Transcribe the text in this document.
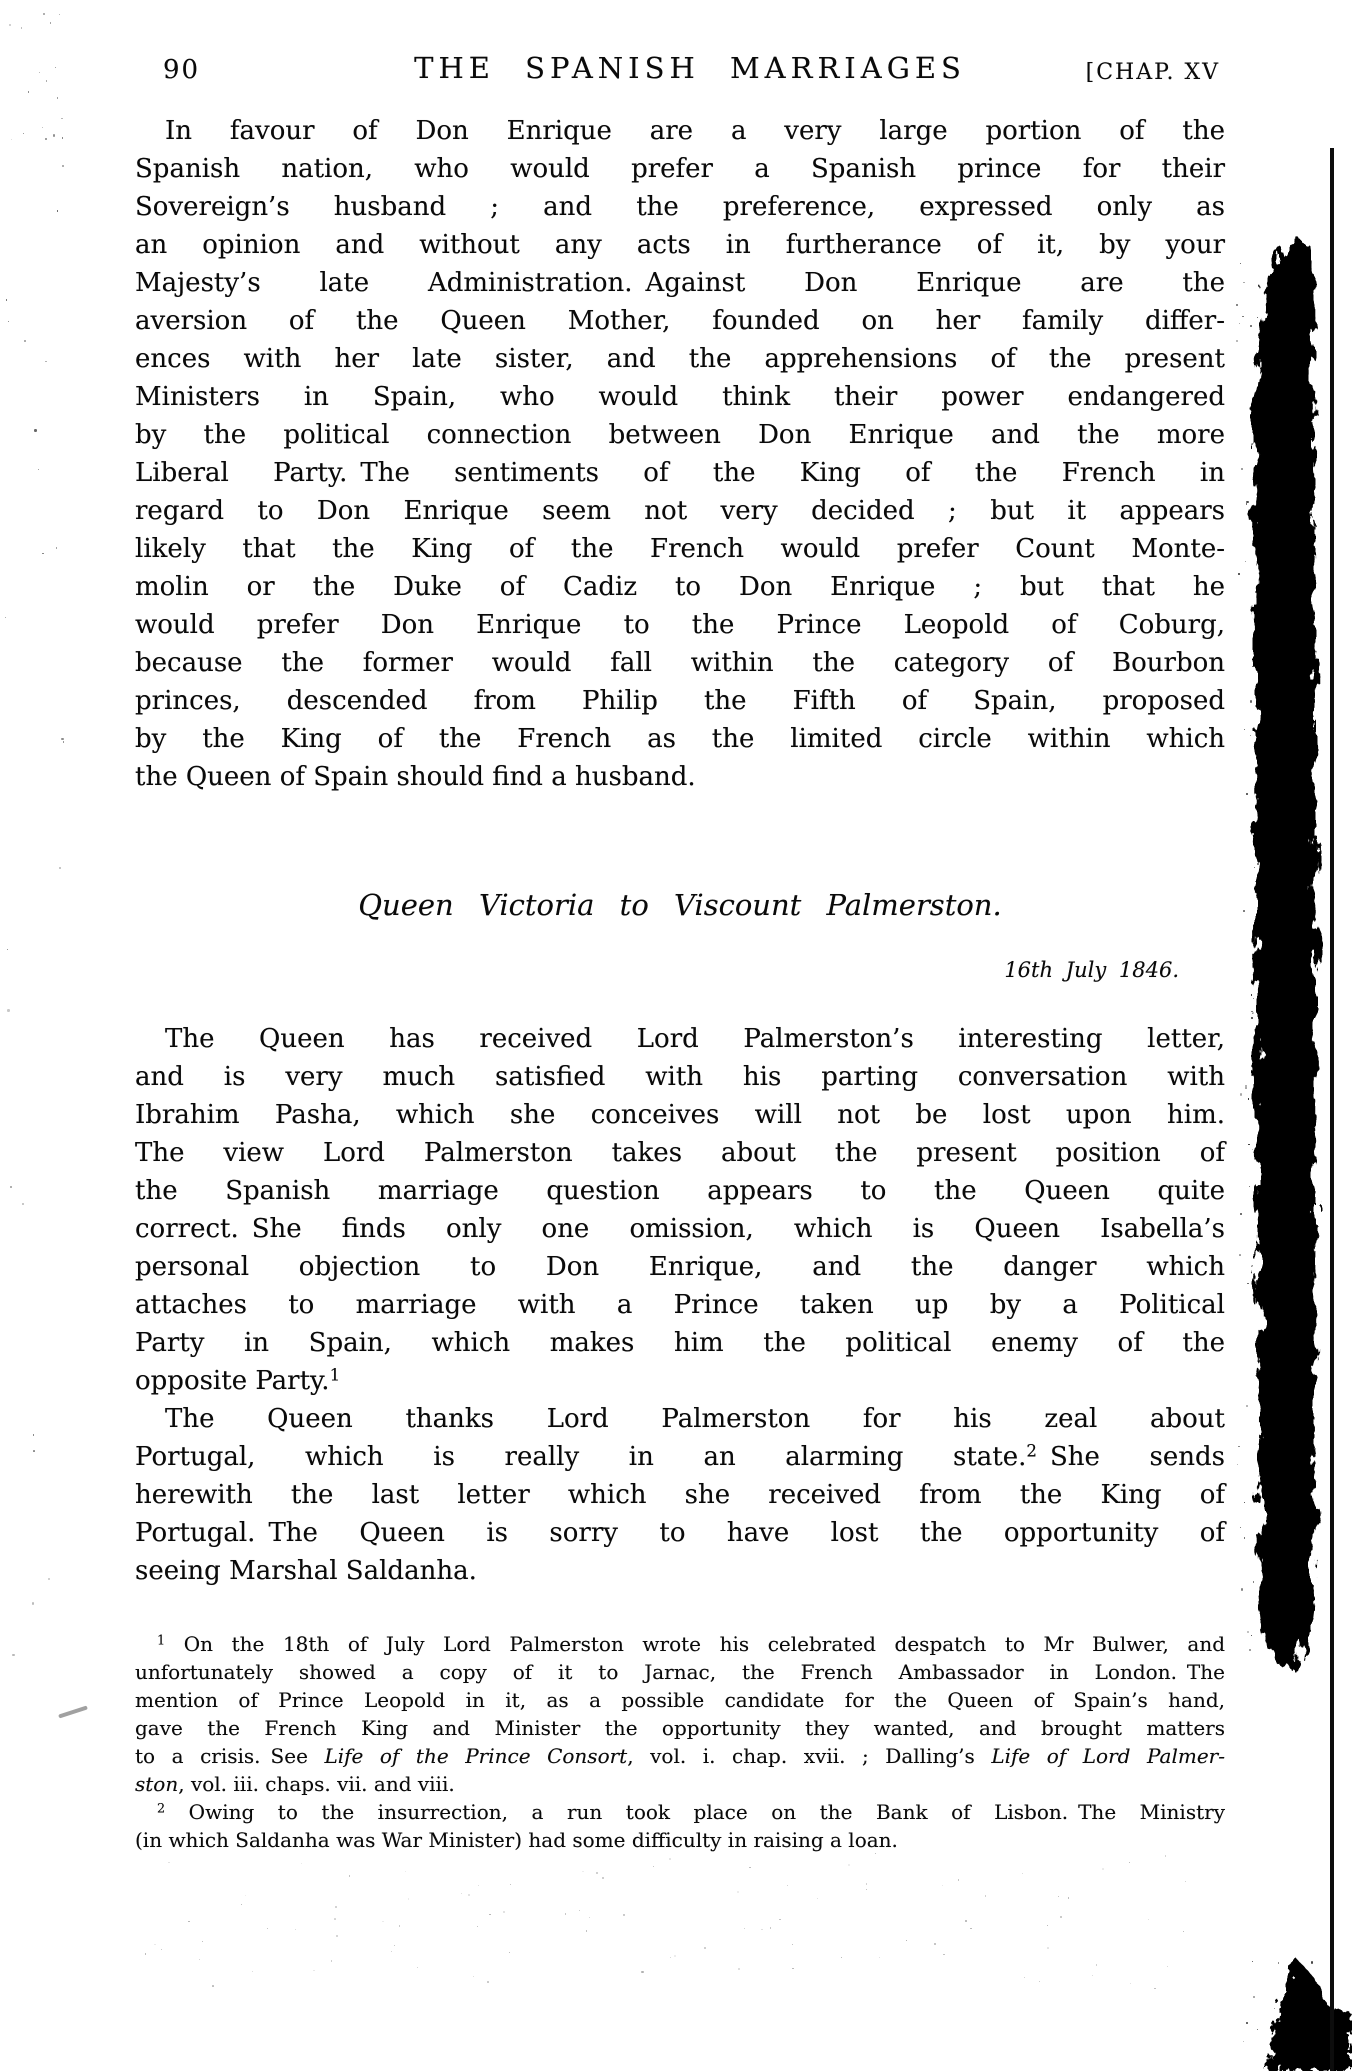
90	THE SPANISH MARRIAGES	[CHAP. XV
In favour of Don Enrique are a very large portion of the
Spanish nation, who would prefer a Spanish prince for their
Sovereign’s husband ; and the preference, expressed only as
an opinion and without any acts in furtherance of it, by your
Majesty’s late Administration. Against Don Enrique are the
aversion of the Queen Mother, founded on her family differ-
ences with her late sister, and the apprehensions of the present
Ministers in Spain, who would think their power endangered
by the political connection between Don Enrique and the more
Liberal Party. The sentiments of the King of the French in
regard to Don Enrique seem not very decided ; but it appears
likely that the King of the French would prefer Count Monte-
molin or the Duke of Cadiz to Don Enrique ; but that he
would prefer Don Enrique to the Prince Leopold of Coburg,
because the former would fall within the category of Bourbon
princes, descended from Philip the Fifth of Spain, proposed
by the King of the French as the limited circle within which
the Queen of Spain should find a husband.
Queen Victoria to Viscount Palmerston.
16th July 1846.
The Queen has received Lord Palmerston’s interesting letter,
and is very much satisfied with his parting conversation with
Ibrahim Pasha, which she conceives will not be lost upon him.
The view Lord Palmerston takes about the present position of
the Spanish marriage question appears to the Queen quite
correct. She finds only one omission, which is Queen Isabella’s
personal objection to Don Enrique, and the danger which
attaches to marriage with a Prince taken up by a Political
Party in Spain, which makes him the political enemy of the
opposite Party.$^1$
The Queen thanks Lord Palmerston for his zeal about
Portugal, which is really in an alarming state.$^2$ She sends
herewith the last letter which she received from the King of
Portugal. The Queen is sorry to have lost the opportunity of
seeing Marshal Saldanha.
$^1$ On the 18th of July Lord Palmerston wrote his celebrated despatch to Mr Bulwer, and
unfortunately showed a copy of it to Jarnac, the French Ambassador in London. The
mention of Prince Leopold in it, as a possible candidate for the Queen of Spain’s hand,
gave the French King and Minister the opportunity they wanted, and brought matters
to a crisis. See Life of the Prince Consort, vol. i. chap. xvii. ; Dalling’s Life of Lord Palmer-
ston, vol. iii. chaps. vii. and viii.
$^2$ Owing to the insurrection, a run took place on the Bank of Lisbon. The Ministry
(in which Saldanha was War Minister) had some difficulty in raising a loan.
